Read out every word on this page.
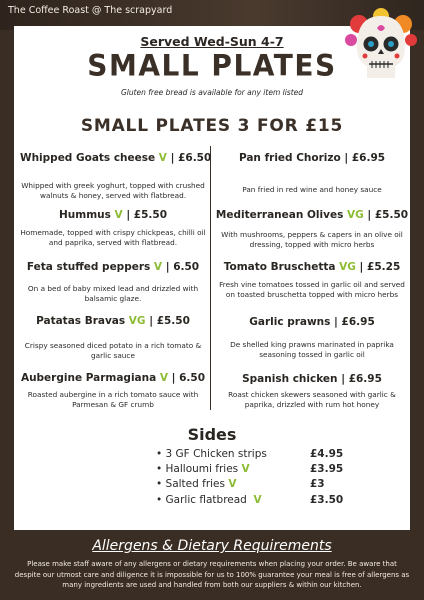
The Coffee Roast @ The scrapyard
Served Wed-Sun 4-7
SMALL PLATES
Gluten free bread is available for any item listed
SMALL PLATES 3 FOR £15
Whipped Goats cheese V | £6.50
Whipped with greek yoghurt, topped with crushed walnuts & honey, served with flatbread.
Hummus V | £5.50
Homemade, topped with crispy chickpeas, chilli oil and paprika, served with flatbread.
Feta stuffed peppers V | 6.50
On a bed of baby mixed lead and drizzled with balsamic glaze.
Patatas Bravas VG | £5.50
Crispy seasoned diced potato in a rich tomato & garlic sauce
Aubergine Parmagiana V | 6.50
Roasted aubergine in a rich tomato sauce with Parmesan & GF crumb
Pan fried Chorizo | £6.95
Pan fried in red wine and honey sauce
Mediterranean Olives VG | £5.50
With mushrooms, peppers & capers in an olive oil dressing, topped with micro herbs
Tomato Bruschetta VG | £5.25
Fresh vine tomatoes tossed in garlic oil and served on toasted bruschetta topped with micro herbs
Garlic prawns | £6.95
De shelled king prawns marinated in paprika seasoning tossed in garlic oil
Spanish chicken | £6.95
Roast chicken skewers seasoned with garlic & paprika, drizzled with rum hot honey
Sides
• 3 GF Chicken strips	£4.95
• Halloumi fries V	£3.95
• Salted fries V	£3
• Garlic flatbread V	£3.50
Allergens & Dietary Requirements
Please make staff aware of any allergens or dietary requirements when placing your order. Be aware that despite our utmost care and diligence it is impossible for us to 100% guarantee your meal is free of allergens as many ingredients are used and handled from both our suppliers & within our kitchen.
